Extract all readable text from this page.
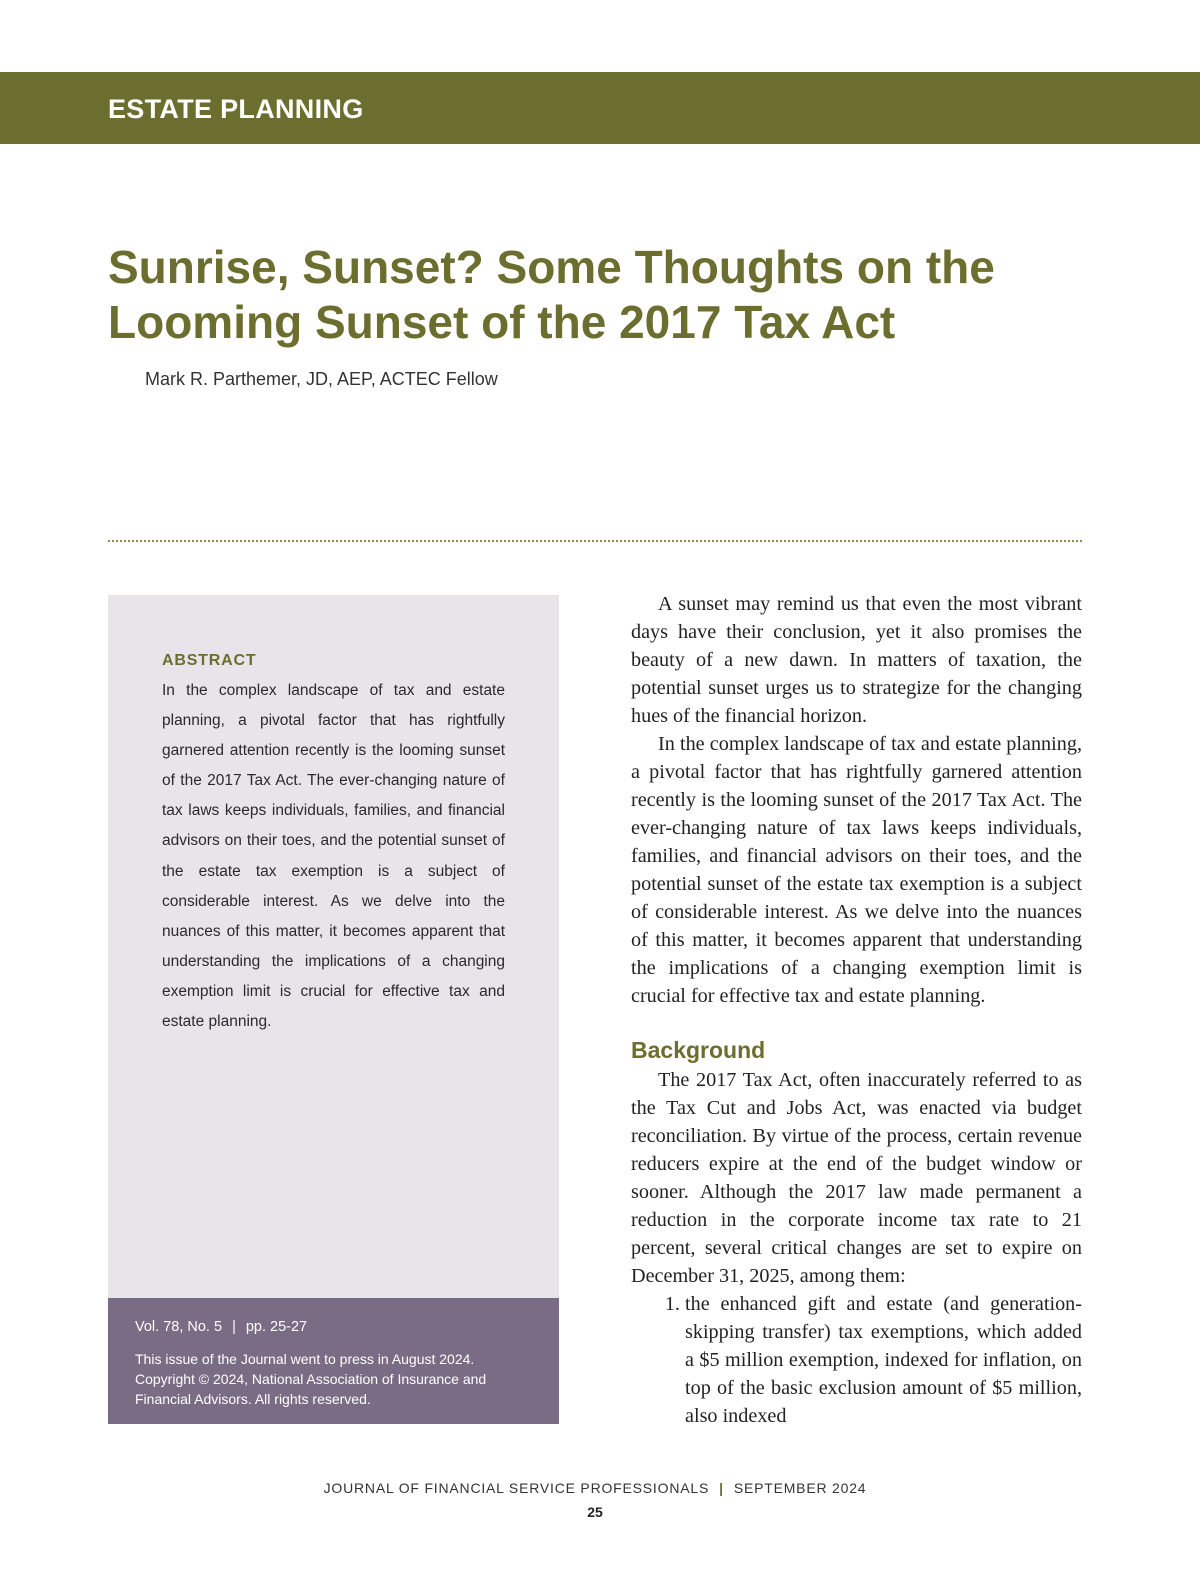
ESTATE PLANNING
Sunrise, Sunset? Some Thoughts on the
Looming Sunset of the 2017 Tax Act
Mark R. Parthemer, JD, AEP, ACTEC Fellow
ABSTRACT

In the complex landscape of tax and estate planning, a pivotal factor that has rightfully garnered attention recently is the looming sunset of the 2017 Tax Act. The ever-changing nature of tax laws keeps individuals, families, and financial advisors on their toes, and the potential sunset of the estate tax exemption is a subject of considerable interest. As we delve into the nuances of this matter, it becomes apparent that understanding the implications of a changing exemption limit is crucial for effective tax and estate planning.

Vol. 78, No. 5 | pp. 25-27

This issue of the Journal went to press in August 2024. Copyright © 2024, National Association of Insurance and Financial Advisors. All rights reserved.

A sunset may remind us that even the most vibrant days have their conclusion, yet it also promises the beauty of a new dawn. In matters of taxation, the potential sunset urges us to strategize for the changing hues of the financial horizon.

In the complex landscape of tax and estate planning, a pivotal factor that has rightfully garnered attention recently is the looming sunset of the 2017 Tax Act. The ever-changing nature of tax laws keeps individuals, families, and financial advisors on their toes, and the potential sunset of the estate tax exemption is a subject of considerable interest. As we delve into the nuances of this matter, it becomes apparent that understanding the implications of a changing exemption limit is crucial for effective tax and estate planning.

Background

The 2017 Tax Act, often inaccurately referred to as the Tax Cut and Jobs Act, was enacted via budget reconciliation. By virtue of the process, certain revenue reducers expire at the end of the budget window or sooner. Although the 2017 law made permanent a reduction in the corporate income tax rate to 21 percent, several critical changes are set to expire on December 31, 2025, among them:

1. the enhanced gift and estate (and generation-skipping transfer) tax exemptions, which added a $5 million exemption, indexed for inflation, on top of the basic exclusion amount of $5 million, also indexed
JOURNAL OF FINANCIAL SERVICE PROFESSIONALS | SEPTEMBER 2024
25
